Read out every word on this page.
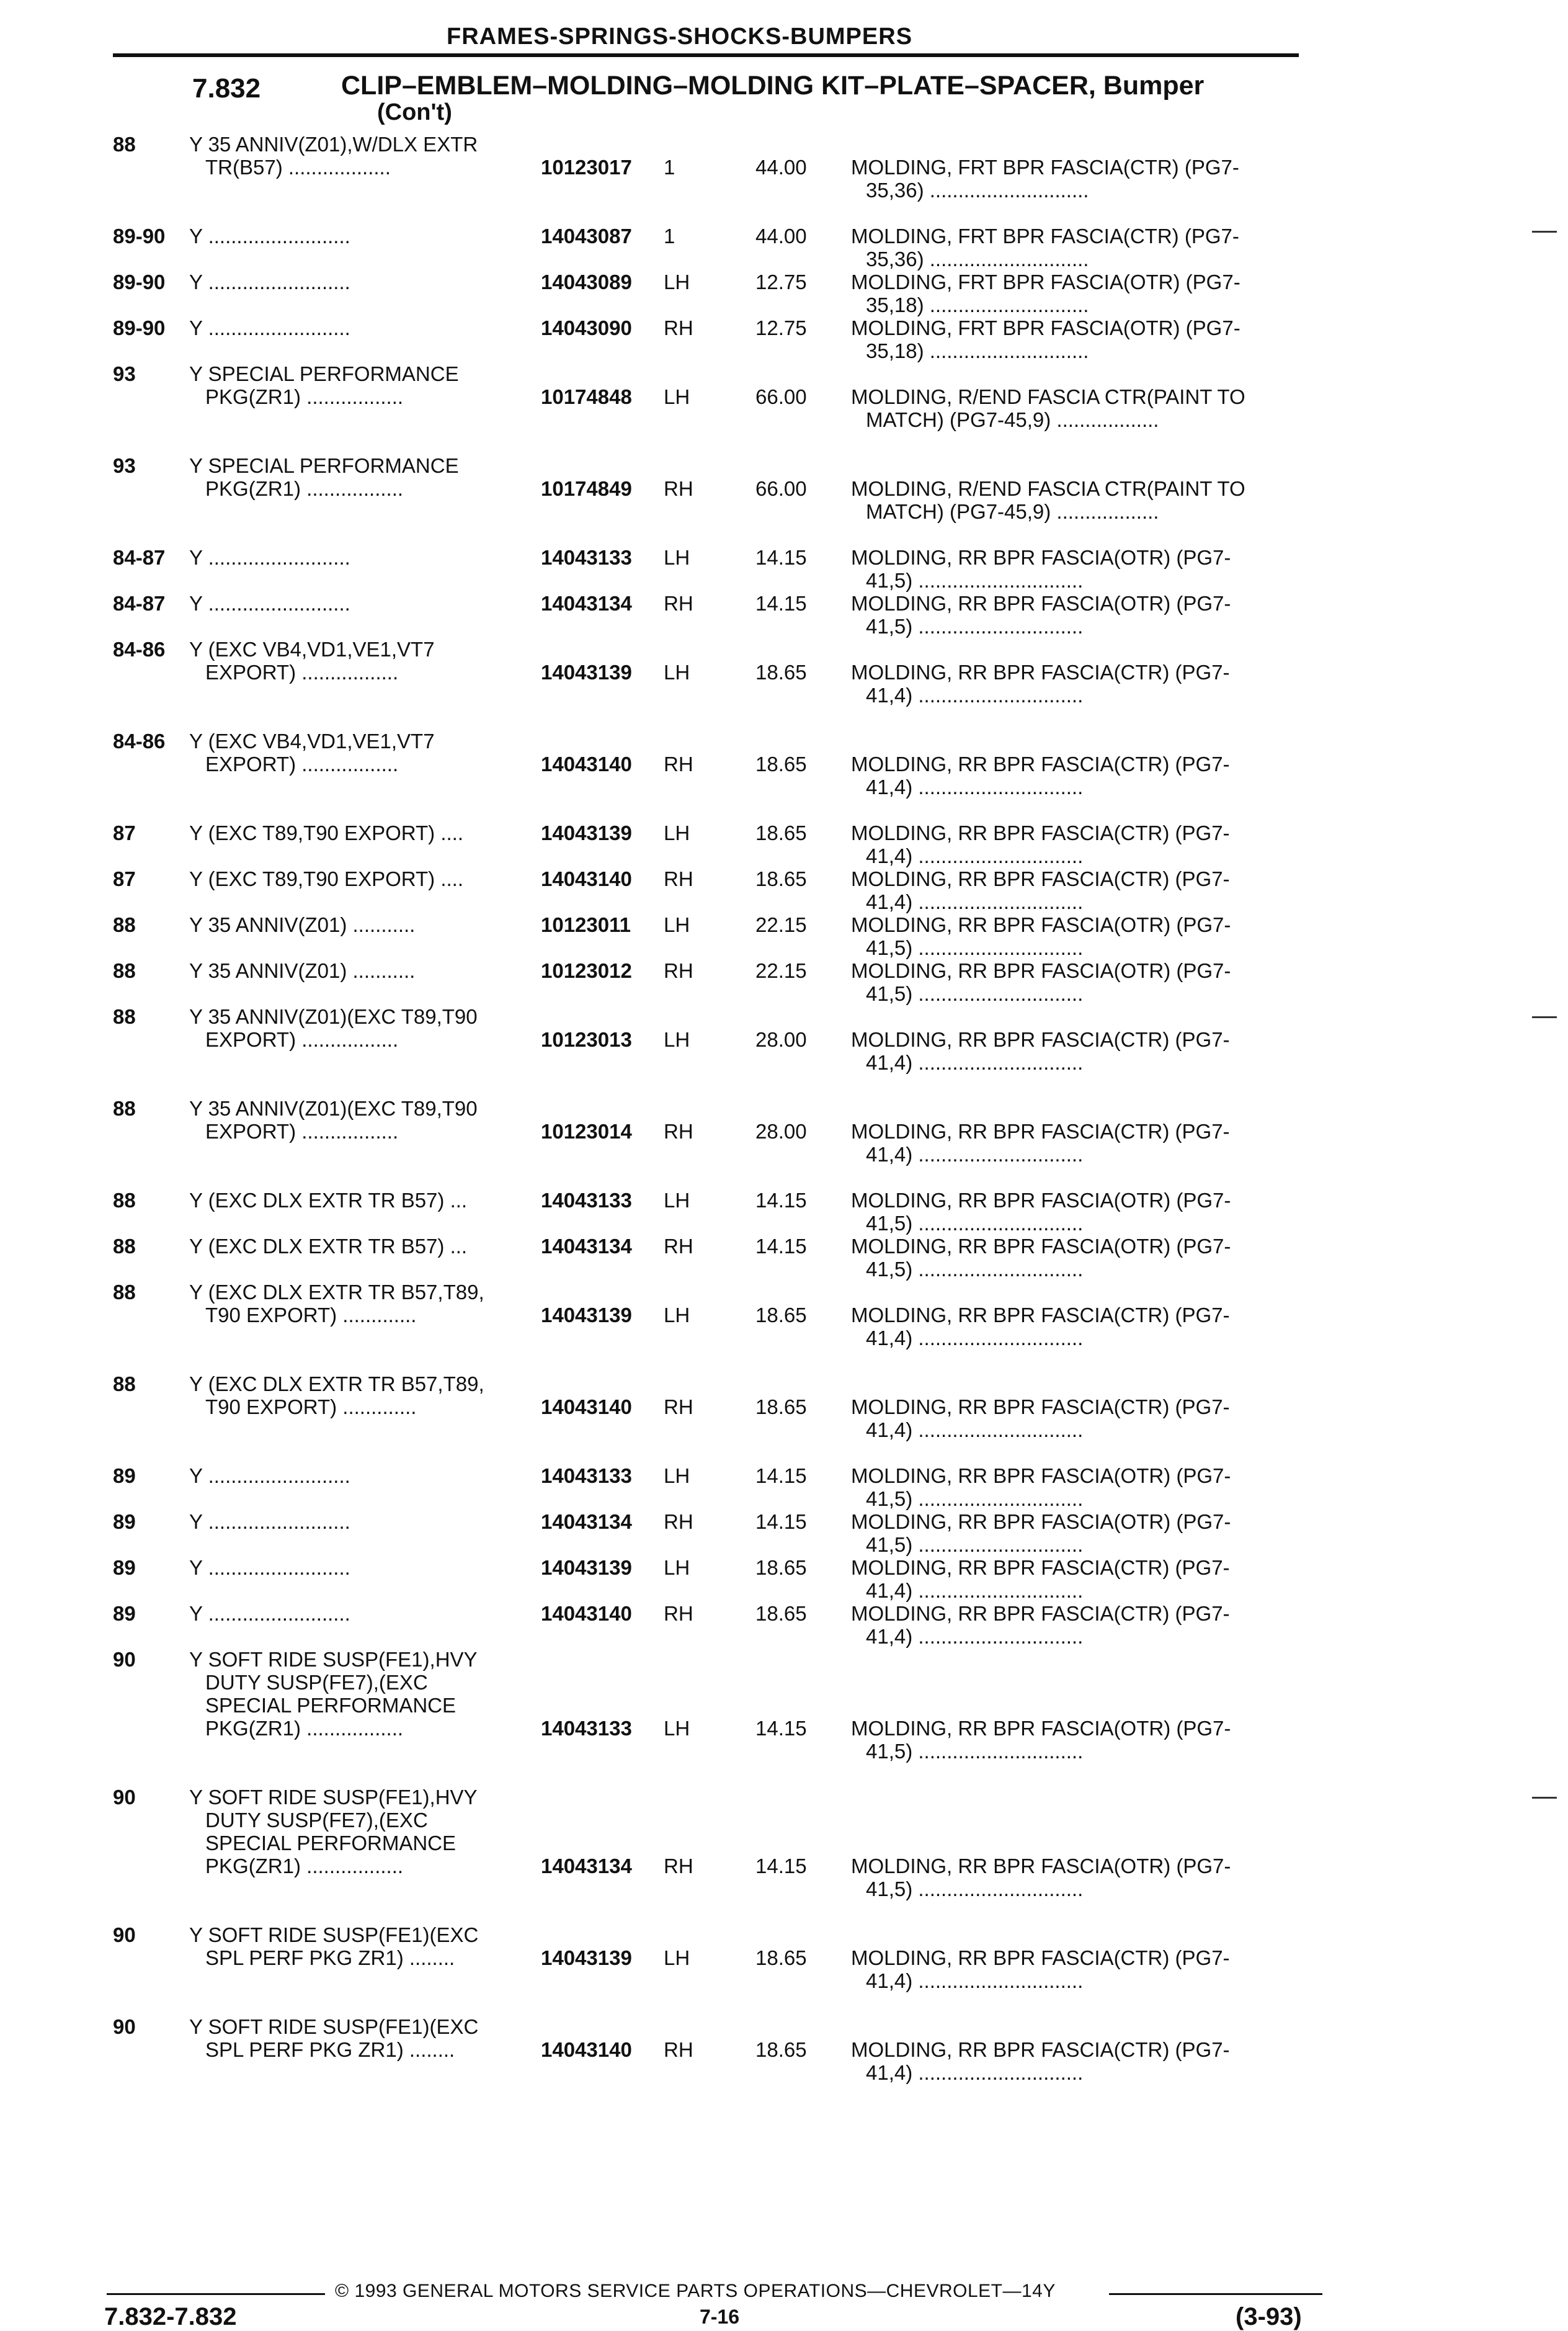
FRAMES-SPRINGS-SHOCKS-BUMPERS
7.832	CLIP–EMBLEM–MOLDING–MOLDING KIT–PLATE–SPACER, Bumper
(Con't)
88	Y 35 ANNIV(Z01),W/DLX EXTR
TR(B57) ..................	10123017 1	44.00 MOLDING, FRT BPR FASCIA(CTR) (PG7-
35,36) ............................
89-90 Y .........................	14043087 1	44.00 MOLDING, FRT BPR FASCIA(CTR) (PG7-
35,36) ............................
89-90 Y .........................	14043089 LH	12.75 MOLDING, FRT BPR FASCIA(OTR) (PG7-
35,18) ............................
89-90 Y .........................	14043090 RH	12.75 MOLDING, FRT BPR FASCIA(OTR) (PG7-
35,18) ............................
93	Y SPECIAL PERFORMANCE
PKG(ZR1) .................	10174848 LH	66.00 MOLDING, R/END FASCIA CTR(PAINT TO
MATCH) (PG7-45,9) ..................
93	Y SPECIAL PERFORMANCE
PKG(ZR1) .................	10174849 RH	66.00 MOLDING, R/END FASCIA CTR(PAINT TO
MATCH) (PG7-45,9) ..................
84-87 Y .........................	14043133 LH	14.15 MOLDING, RR BPR FASCIA(OTR) (PG7-
41,5) .............................
84-87 Y .........................	14043134 RH	14.15 MOLDING, RR BPR FASCIA(OTR) (PG7-
41,5) .............................
84-86 Y (EXC VB4,VD1,VE1,VT7
EXPORT) .................	14043139 LH	18.65 MOLDING, RR BPR FASCIA(CTR) (PG7-
41,4) .............................
84-86 Y (EXC VB4,VD1,VE1,VT7
EXPORT) .................	14043140 RH	18.65 MOLDING, RR BPR FASCIA(CTR) (PG7-
41,4) .............................
87	Y (EXC T89,T90 EXPORT) ....	14043139 LH	18.65 MOLDING, RR BPR FASCIA(CTR) (PG7-
41,4) .............................
87	Y (EXC T89,T90 EXPORT) ....	14043140 RH	18.65 MOLDING, RR BPR FASCIA(CTR) (PG7-
41,4) .............................
88	Y 35 ANNIV(Z01) ...........	10123011 LH	22.15 MOLDING, RR BPR FASCIA(OTR) (PG7-
41,5) .............................
88	Y 35 ANNIV(Z01) ...........	10123012 RH	22.15 MOLDING, RR BPR FASCIA(OTR) (PG7-
41,5) .............................
88	Y 35 ANNIV(Z01)(EXC T89,T90
EXPORT) .................	10123013 LH	28.00 MOLDING, RR BPR FASCIA(CTR) (PG7-
41,4) .............................
88	Y 35 ANNIV(Z01)(EXC T89,T90
EXPORT) .................	10123014 RH	28.00 MOLDING, RR BPR FASCIA(CTR) (PG7-
41,4) .............................
88	Y (EXC DLX EXTR TR B57) ...	14043133 LH	14.15 MOLDING, RR BPR FASCIA(OTR) (PG7-
41,5) .............................
88	Y (EXC DLX EXTR TR B57) ...	14043134 RH	14.15 MOLDING, RR BPR FASCIA(OTR) (PG7-
41,5) .............................
88	Y (EXC DLX EXTR TR B57,T89,
T90 EXPORT) .............	14043139 LH	18.65 MOLDING, RR BPR FASCIA(CTR) (PG7-
41,4) .............................
88	Y (EXC DLX EXTR TR B57,T89,
T90 EXPORT) .............	14043140 RH	18.65 MOLDING, RR BPR FASCIA(CTR) (PG7-
41,4) .............................
89	Y .........................	14043133 LH	14.15 MOLDING, RR BPR FASCIA(OTR) (PG7-
41,5) .............................
89	Y .........................	14043134 RH	14.15 MOLDING, RR BPR FASCIA(OTR) (PG7-
41,5) .............................
89	Y .........................	14043139 LH	18.65 MOLDING, RR BPR FASCIA(CTR) (PG7-
41,4) .............................
89	Y .........................	14043140 RH	18.65 MOLDING, RR BPR FASCIA(CTR) (PG7-
41,4) .............................
90	Y SOFT RIDE SUSP(FE1),HVY
DUTY SUSP(FE7),(EXC
SPECIAL PERFORMANCE
PKG(ZR1) .................	14043133 LH	14.15 MOLDING, RR BPR FASCIA(OTR) (PG7-
41,5) .............................
90	Y SOFT RIDE SUSP(FE1),HVY
DUTY SUSP(FE7),(EXC
SPECIAL PERFORMANCE
PKG(ZR1) .................	14043134 RH	14.15 MOLDING, RR BPR FASCIA(OTR) (PG7-
41,5) .............................
90	Y SOFT RIDE SUSP(FE1)(EXC
SPL PERF PKG ZR1) ........	14043139 LH	18.65 MOLDING, RR BPR FASCIA(CTR) (PG7-
41,4) .............................
90	Y SOFT RIDE SUSP(FE1)(EXC
SPL PERF PKG ZR1) ........	14043140 RH	18.65 MOLDING, RR BPR FASCIA(CTR) (PG7-
41,4) .............................
© 1993 GENERAL MOTORS SERVICE PARTS OPERATIONS—CHEVROLET—14Y
7.832-7.832	7-16	(3-93)
